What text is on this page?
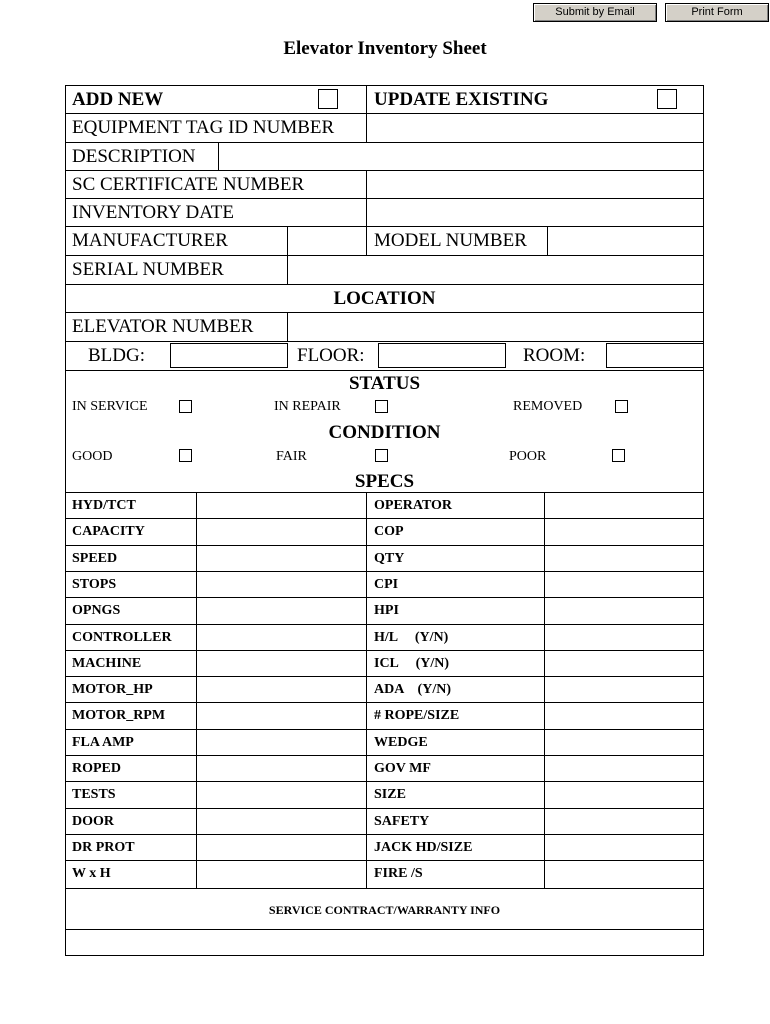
Submit by Email	Print Form
Elevator Inventory Sheet
ADD NEW	UPDATE EXISTING
EQUIPMENT TAG ID NUMBER
DESCRIPTION
SC CERTIFICATE NUMBER
INVENTORY DATE
MANUFACTURER	MODEL NUMBER
SERIAL NUMBER
LOCATION
ELEVATOR NUMBER
BLDG:	FLOOR:	ROOM:
STATUS
IN SERVICE	IN REPAIR	REMOVED
CONDITION
GOOD	FAIR	POOR
SPECS
HYD/TCT	OPERATOR
CAPACITY	COP
SPEED	QTY
STOPS	CPI
OPNGS	HPI
CONTROLLER	H/L     (Y/N)
MACHINE	ICL     (Y/N)
MOTOR_HP	ADA    (Y/N)
MOTOR_RPM	# ROPE/SIZE
FLA AMP	WEDGE
ROPED	GOV MF
TESTS	SIZE
DOOR	SAFETY
DR PROT	JACK HD/SIZE
W x H	FIRE /S
SERVICE CONTRACT/WARRANTY INFO
